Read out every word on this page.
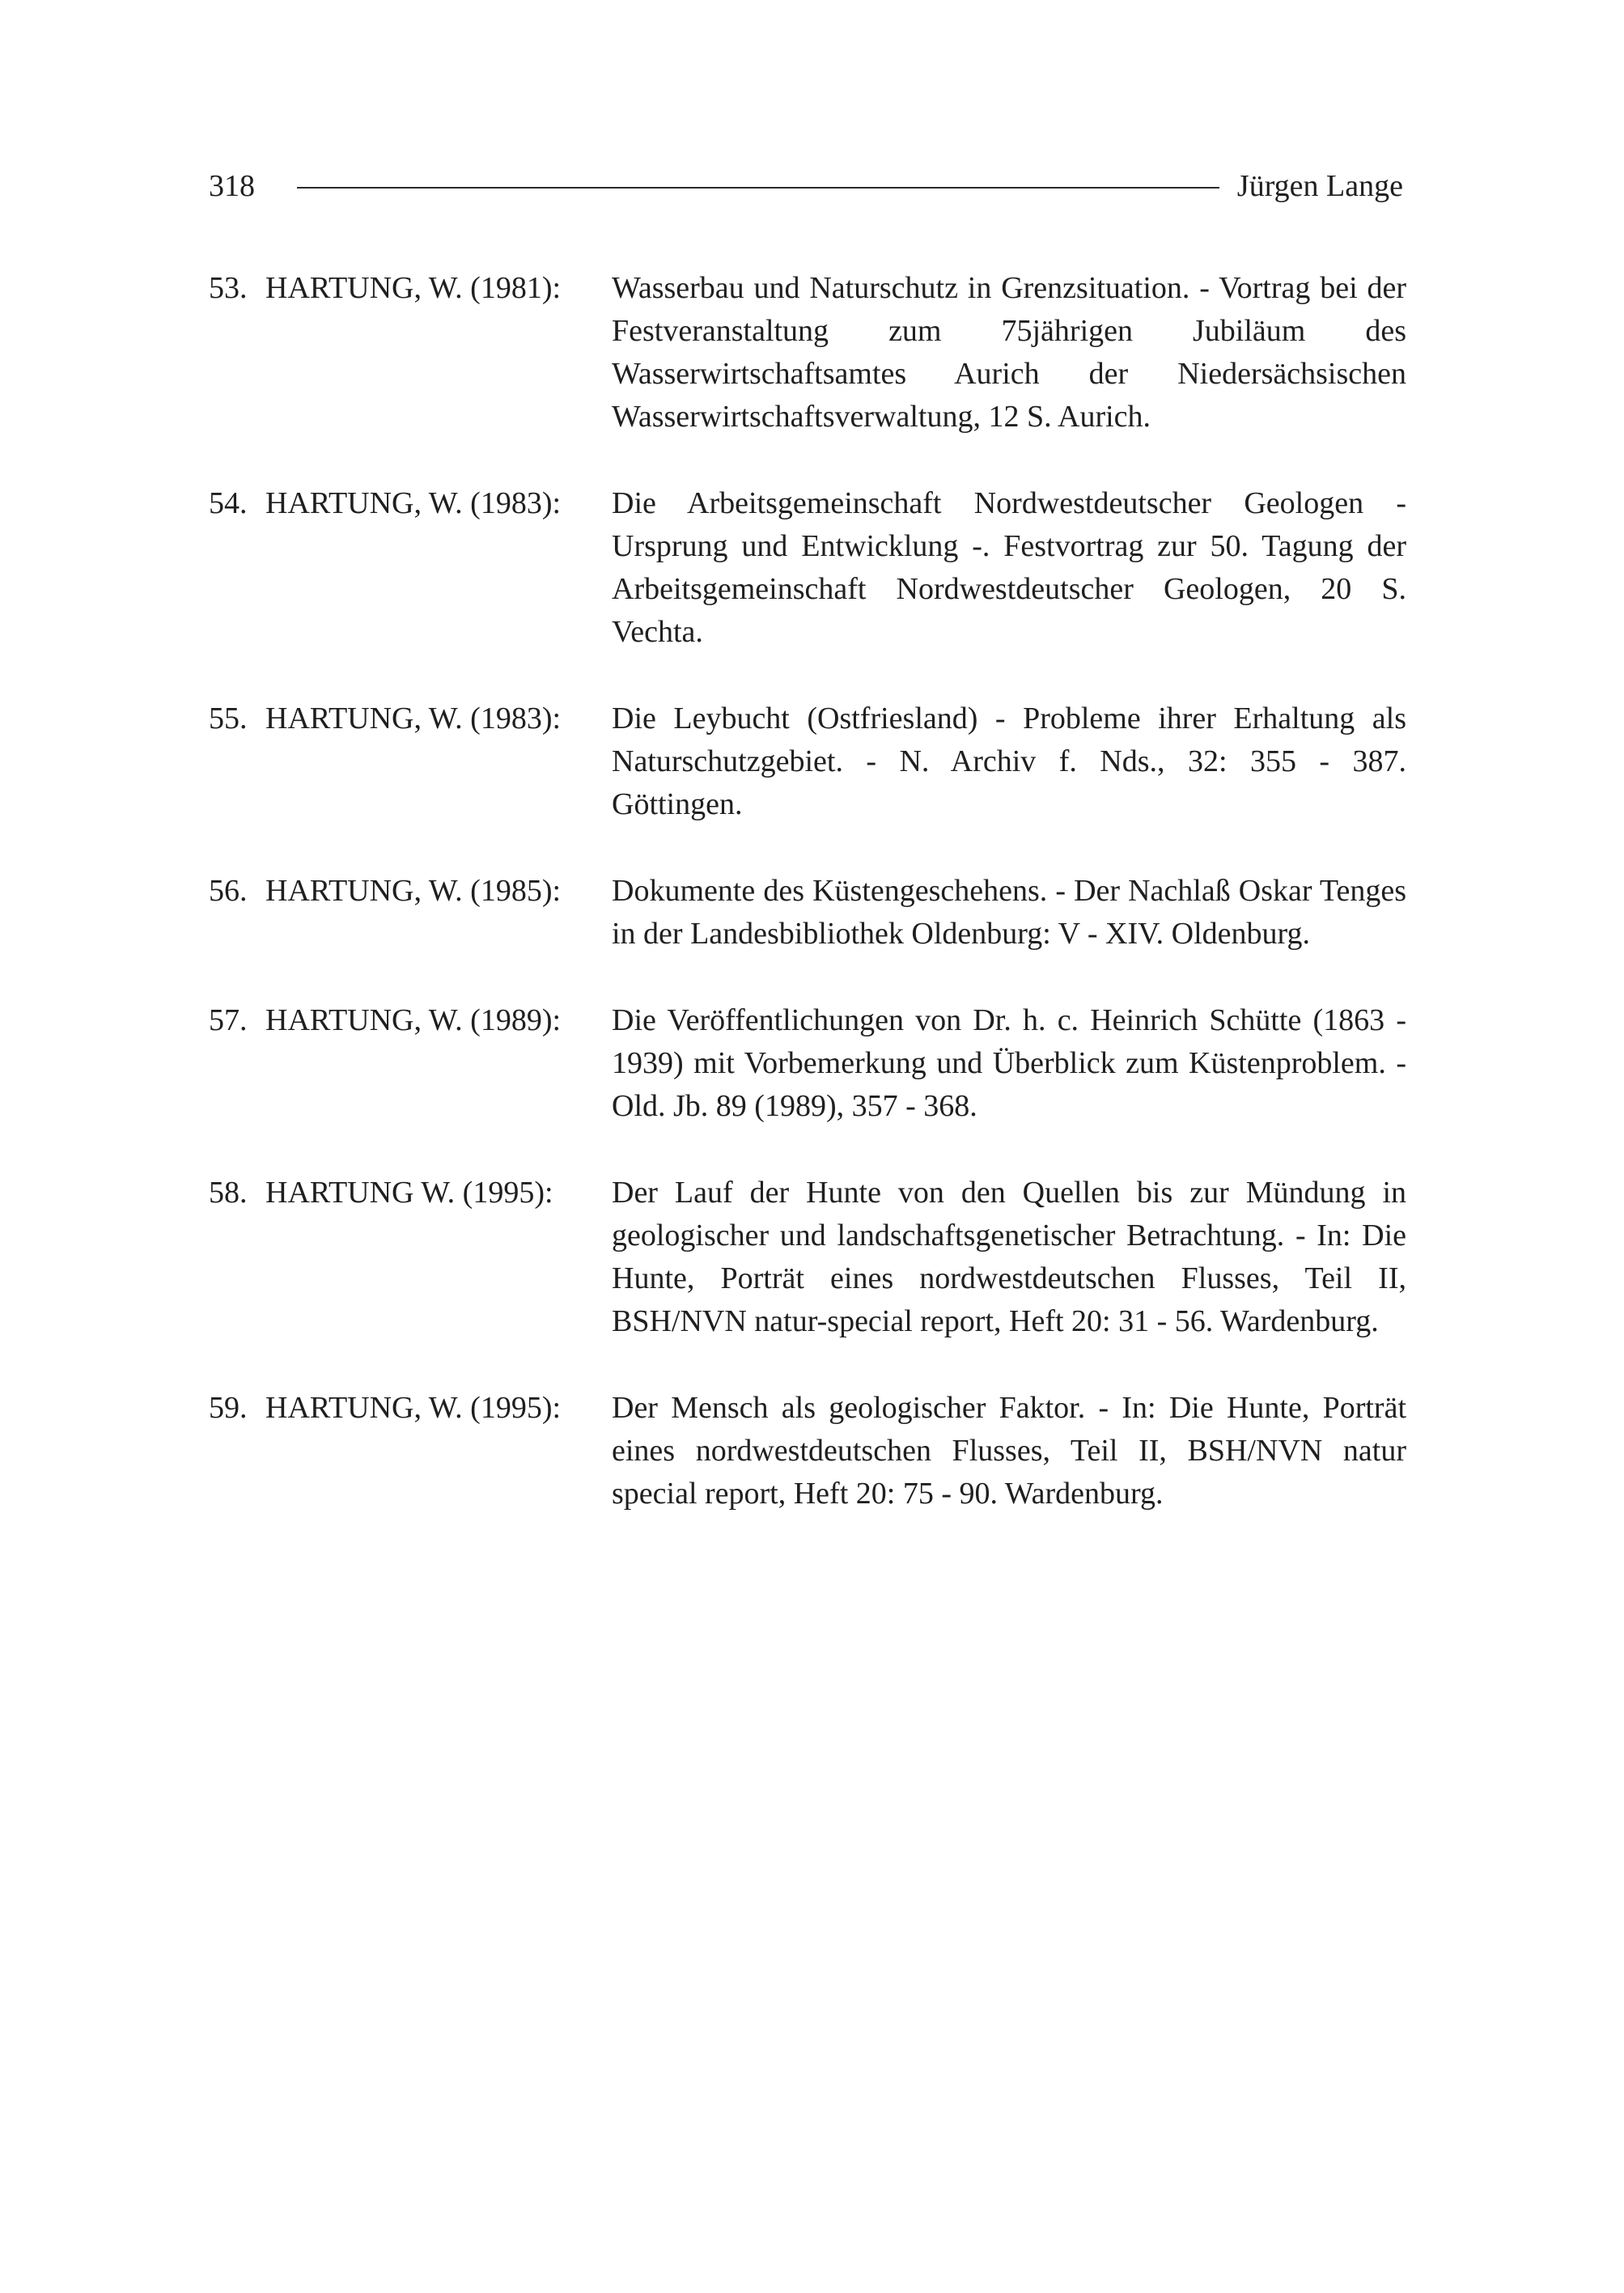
318	Jürgen Lange
53. HARTUNG, W. (1981):	Wasserbau und Naturschutz in Grenzsituation. - Vortrag bei der Festveranstaltung zum 75jährigen Jubiläum des Wasserwirtschaftsamtes Aurich der Niedersächsischen Wasserwirtschaftsverwaltung, 12 S. Aurich.
54. HARTUNG, W. (1983):	Die Arbeitsgemeinschaft Nordwestdeutscher Geologen - Ursprung und Entwicklung -. Festvortrag zur 50. Tagung der Arbeitsgemeinschaft Nordwestdeutscher Geologen, 20 S. Vechta.
55. HARTUNG, W. (1983):	Die Leybucht (Ostfriesland) - Probleme ihrer Erhaltung als Naturschutzgebiet. - N. Archiv f. Nds., 32: 355 - 387. Göttingen.
56. HARTUNG, W. (1985):	Dokumente des Küstengeschehens. - Der Nachlaß Oskar Tenges in der Landesbibliothek Oldenburg: V - XIV. Oldenburg.
57. HARTUNG, W. (1989):	Die Veröffentlichungen von Dr. h. c. Heinrich Schütte (1863 - 1939) mit Vorbemerkung und Überblick zum Küstenproblem. - Old. Jb. 89 (1989), 357 - 368.
58. HARTUNG W. (1995):	Der Lauf der Hunte von den Quellen bis zur Mündung in geologischer und landschaftsgenetischer Betrachtung. - In: Die Hunte, Porträt eines nordwestdeutschen Flusses, Teil II, BSH/NVN natur-special report, Heft 20: 31 - 56. Wardenburg.
59. HARTUNG, W. (1995):	Der Mensch als geologischer Faktor. - In: Die Hunte, Porträt eines nordwestdeutschen Flusses, Teil II, BSH/NVN natur special report, Heft 20: 75 - 90. Wardenburg.
